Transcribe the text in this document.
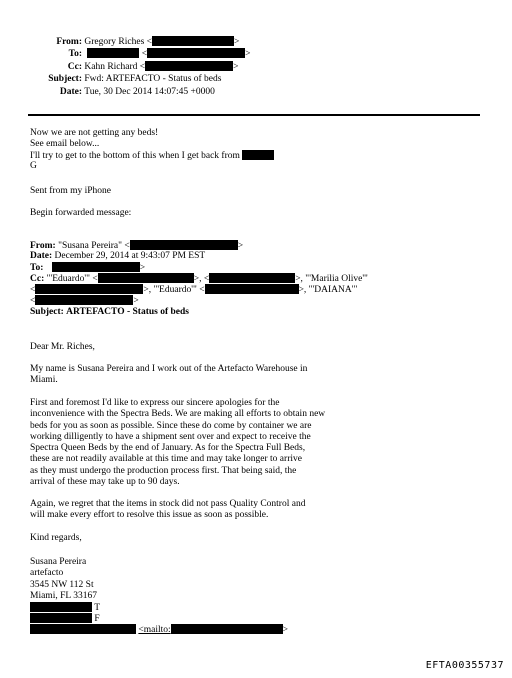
From: Gregory Riches <	>
To:	<	>
Cc: Kahn Richard <	>
Subject: Fwd: ARTEFACTO - Status of beds
Date: Tue, 30 Dec 2014 14:07:45 +0000
Now we are not getting any beds!
See email below...
I'll try to get to the bottom of this when I get back from
G
Sent from my iPhone
Begin forwarded message:
From: "Susana Pereira" <	>
Date: December 29, 2014 at 9:43:07 PM EST
To:	>
Cc: "'Eduardo'" <	>, <	>, "'Marilia Olive'"
<	>, "'Eduardo'" <	>, "'DAIANA'"
<	>
Subject: ARTEFACTO - Status of beds
Dear Mr. Riches,
My name is Susana Pereira and I work out of the Artefacto Warehouse in
Miami.
First and foremost I'd like to express our sincere apologies for the
inconvenience with the Spectra Beds. We are making all efforts to obtain new
beds for you as soon as possible. Since these do come by container we are
working dilligently to have a shipment sent over and expect to receive the
Spectra Queen Beds by the end of January. As for the Spectra Full Beds,
these are not readily available at this time and may take longer to arrive
as they must undergo the production process first. That being said, the
arrival of these may take up to 90 days.
Again, we regret that the items in stock did not pass Quality Control and
will make every effort to resolve this issue as soon as possible.
Kind regards,
Susana Pereira
artefacto
3545 NW 112 St
Miami, FL 33167
T
F
<mailto:	>
EFTA00355737
